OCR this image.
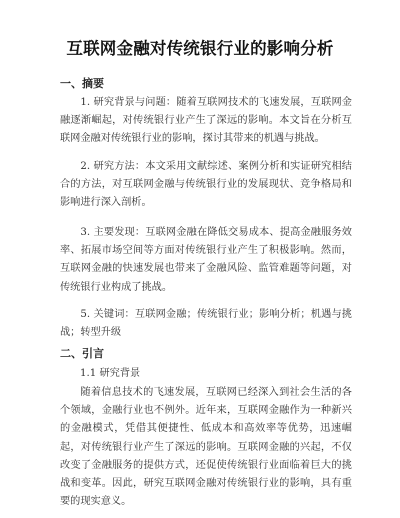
互联网金融对传统银行业的影响分析
一、摘要
1. 研究背景与问题：随着互联网技术的飞速发展，互联网金融逐渐崛起，对传统银行业产生了深远的影响。本文旨在分析互联网金融对传统银行业的影响，探讨其带来的机遇与挑战。
2. 研究方法：本文采用文献综述、案例分析和实证研究相结合的方法，对互联网金融与传统银行业的发展现状、竞争格局和影响进行深入剖析。
3. 主要发现：互联网金融在降低交易成本、提高金融服务效率、拓展市场空间等方面对传统银行业产生了积极影响。然而，互联网金融的快速发展也带来了金融风险、监管难题等问题，对传统银行业构成了挑战。
5. 关键词：互联网金融；传统银行业；影响分析；机遇与挑战；转型升级
二、引言
1.1 研究背景
随着信息技术的飞速发展，互联网已经深入到社会生活的各个领域，金融行业也不例外。近年来，互联网金融作为一种新兴的金融模式，凭借其便捷性、低成本和高效率等优势，迅速崛起，对传统银行业产生了深远的影响。互联网金融的兴起，不仅改变了金融服务的提供方式，还促使传统银行业面临着巨大的挑战和变革。因此，研究互联网金融对传统银行业的影响，具有重要的现实意义。
